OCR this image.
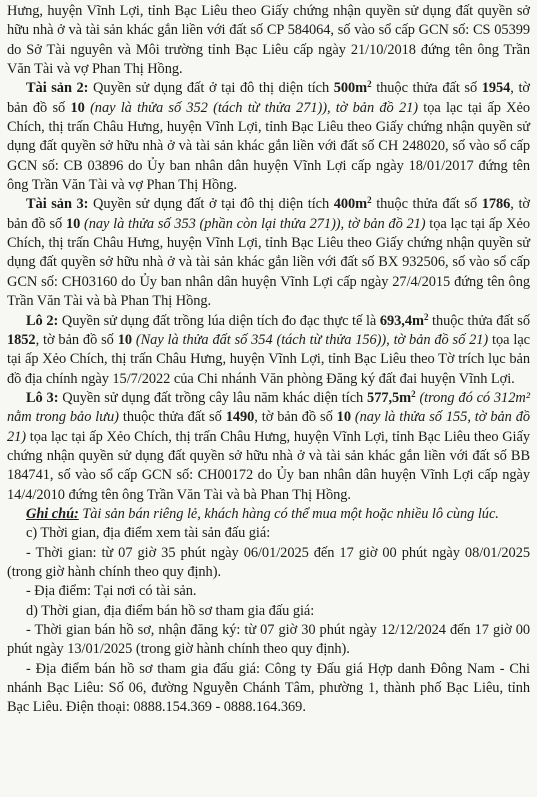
Hưng, huyện Vĩnh Lợi, tỉnh Bạc Liêu theo Giấy chứng nhận quyền sử dụng đất quyền sở hữu nhà ở và tài sản khác gắn liền với đất số CP 584064, số vào sổ cấp GCN số: CS 05399 do Sở Tài nguyên và Môi trường tỉnh Bạc Liêu cấp ngày 21/10/2018 đứng tên ông Trần Văn Tài và vợ Phan Thị Hồng.

Tài sản 2: Quyền sử dụng đất ở tại đô thị diện tích $500m^2$ thuộc thửa đất số 1954, tờ bản đồ số 10 (nay là thửa số 352 (tách từ thửa 271)), tờ bản đồ 21) tọa lạc tại ấp Xẻo Chích, thị trấn Châu Hưng, huyện Vĩnh Lợi, tỉnh Bạc Liêu theo Giấy chứng nhận quyền sử dụng đất quyền sở hữu nhà ở và tài sản khác gắn liền với đất số CH 248020, số vào sổ cấp GCN số: CB 03896 do Ủy ban nhân dân huyện Vĩnh Lợi cấp ngày 18/01/2017 đứng tên ông Trần Văn Tài và vợ Phan Thị Hồng.

Tài sản 3: Quyền sử dụng đất ở tại đô thị diện tích $400m^2$ thuộc thửa đất số 1786, tờ bản đồ số 10 (nay là thửa số 353 (phần còn lại thửa 271)), tờ bản đồ 21) tọa lạc tại ấp Xẻo Chích, thị trấn Châu Hưng, huyện Vĩnh Lợi, tỉnh Bạc Liêu theo Giấy chứng nhận quyền sử dụng đất quyền sở hữu nhà ở và tài sản khác gắn liền với đất số BX 932506, số vào sổ cấp GCN số: CH03160 do Ủy ban nhân dân huyện Vĩnh Lợi cấp ngày 27/4/2015 đứng tên ông Trần Văn Tài và bà Phan Thị Hồng.

Lô 2: Quyền sử dụng đất trồng lúa diện tích đo đạc thực tế là $693,4m^2$ thuộc thửa đất số 1852, tờ bản đồ số 10 (Nay là thửa đất số 354 (tách từ thửa 156)), tờ bản đồ số 21) tọa lạc tại ấp Xẻo Chích, thị trấn Châu Hưng, huyện Vĩnh Lợi, tỉnh Bạc Liêu theo Tờ trích lục bản đồ địa chính ngày 15/7/2022 của Chi nhánh Văn phòng Đăng ký đất đai huyện Vĩnh Lợi.

Lô 3: Quyền sử dụng đất trồng cây lâu năm khác diện tích $577,5m^2$ (trong đó có 312m² nằm trong bảo lưu) thuộc thửa đất số 1490, tờ bản đồ số 10 (nay là thửa số 155, tờ bản đồ 21) tọa lạc tại ấp Xẻo Chích, thị trấn Châu Hưng, huyện Vĩnh Lợi, tỉnh Bạc Liêu theo Giấy chứng nhận quyền sử dụng đất quyền sở hữu nhà ở và tài sản khác gắn liền với đất số BB 184741, số vào sổ cấp GCN số: CH00172 do Ủy ban nhân dân huyện Vĩnh Lợi cấp ngày 14/4/2010 đứng tên ông Trần Văn Tài và bà Phan Thị Hồng.

Ghi chú: Tài sản bán riêng lẻ, khách hàng có thể mua một hoặc nhiều lô cùng lúc.

c) Thời gian, địa điểm xem tài sản đấu giá:

- Thời gian: từ 07 giờ 35 phút ngày 06/01/2025 đến 17 giờ 00 phút ngày 08/01/2025 (trong giờ hành chính theo quy định).

- Địa điểm: Tại nơi có tài sản.

d) Thời gian, địa điểm bán hồ sơ tham gia đấu giá:

- Thời gian bán hồ sơ, nhận đăng ký: từ 07 giờ 30 phút ngày 12/12/2024 đến 17 giờ 00 phút ngày 13/01/2025 (trong giờ hành chính theo quy định).

- Địa điểm bán hồ sơ tham gia đấu giá: Công ty Đấu giá Hợp danh Đông Nam - Chi nhánh Bạc Liêu: Số 06, đường Nguyễn Chánh Tâm, phường 1, thành phố Bạc Liêu, tỉnh Bạc Liêu. Điện thoại: 0888.154.369 - 0888.164.369.
